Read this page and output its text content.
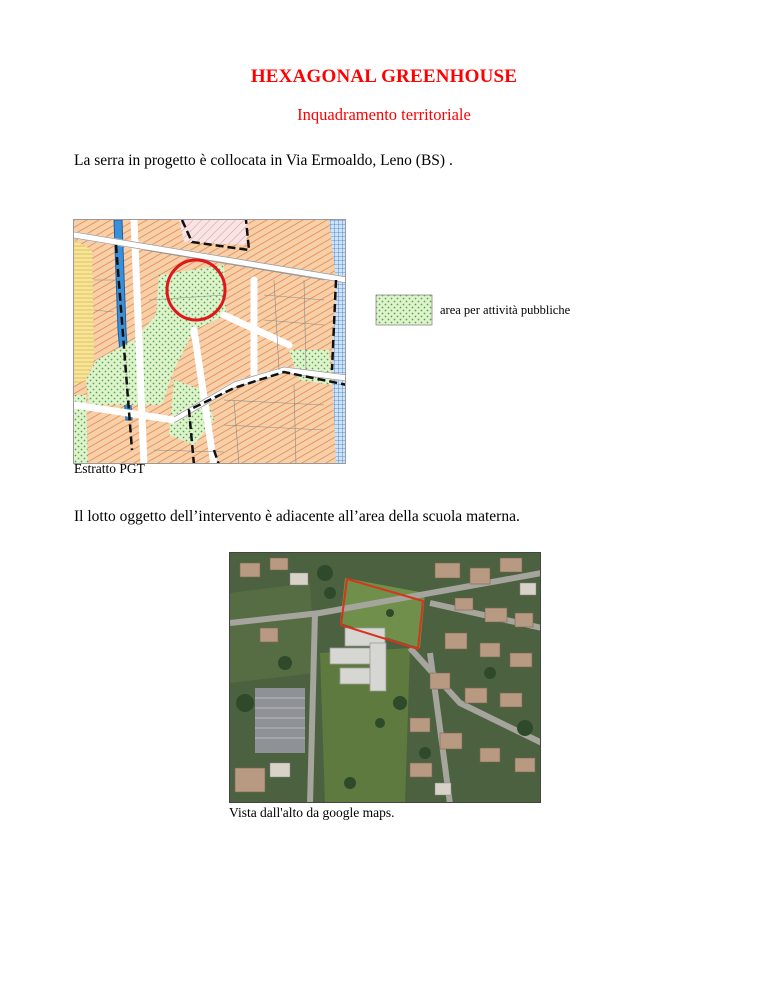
HEXAGONAL GREENHOUSE
Inquadramento territoriale
La serra in progetto è collocata in Via Ermoaldo, Leno (BS) .
Estratto PGT
area per attività pubbliche
Il lotto oggetto dell’intervento è adiacente all’area della scuola materna.
Vista dall'alto da google maps.
